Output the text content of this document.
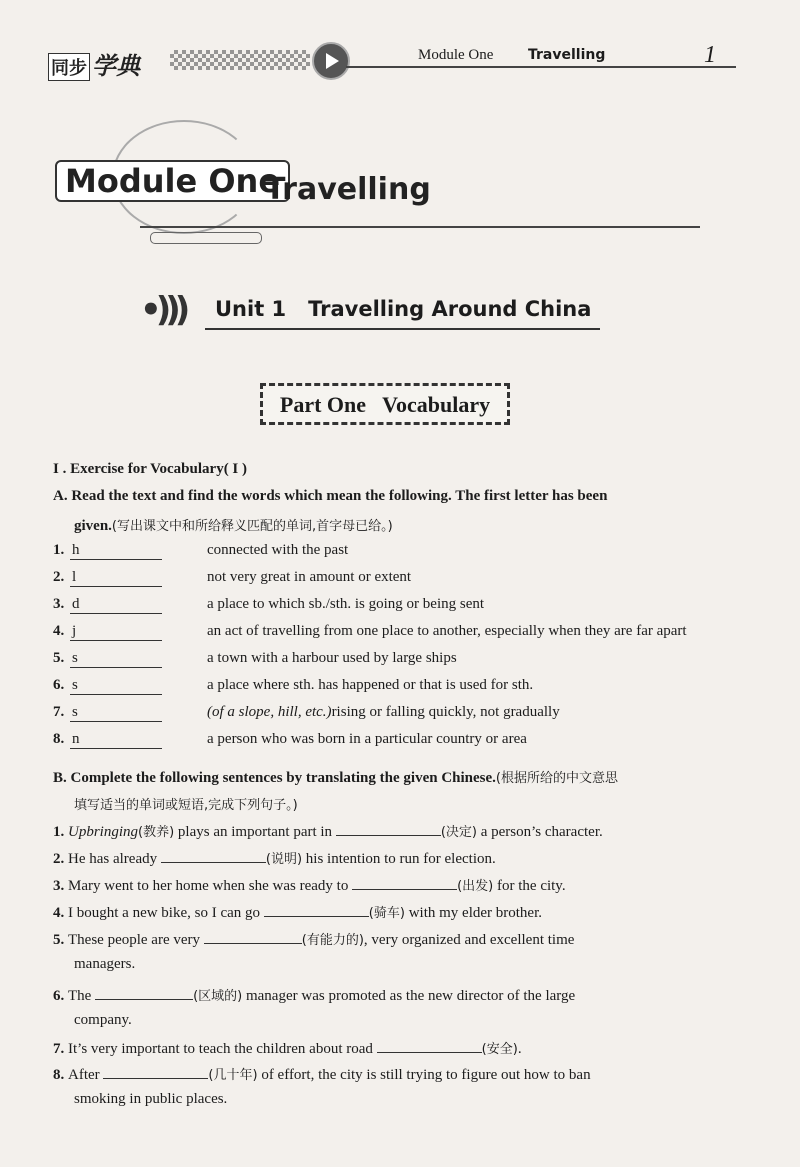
同步 学典	Module One Travelling	1
Module One
Travelling
•))) Unit 1   Travelling Around China
Part One   Vocabulary
I . Exercise for Vocabulary( I )
A. Read the text and find the words which mean the following. The first letter has been
given.(写出课文中和所给释义匹配的单词,首字母已给。)
1. h	connected with the past
2. l	not very great in amount or extent
3. d	a place to which sb./sth. is going or being sent
4. j	an act of travelling from one place to another, especially when they are far apart
5. s	a town with a harbour used by large ships
6. s	a place where sth. has happened or that is used for sth.
7. s	(of a slope, hill, etc.)rising or falling quickly, not gradually
8. n	a person who was born in a particular country or area
B. Complete the following sentences by translating the given Chinese.(根据所给的中文意思
填写适当的单词或短语,完成下列句子。)
1. Upbringing(教养) plays an important part in	(决定) a person’s character.
2. He has already	(说明) his intention to run for election.
3. Mary went to her home when she was ready to	(出发) for the city.
4. I bought a new bike, so I can go	(骑车) with my elder brother.
5. These people are very	(有能力的), very organized and excellent time
managers.
6. The	(区域的) manager was promoted as the new director of the large
company.
7. It’s very important to teach the children about road	(安全).
8. After	(几十年) of effort, the city is still trying to figure out how to ban
smoking in public places.
